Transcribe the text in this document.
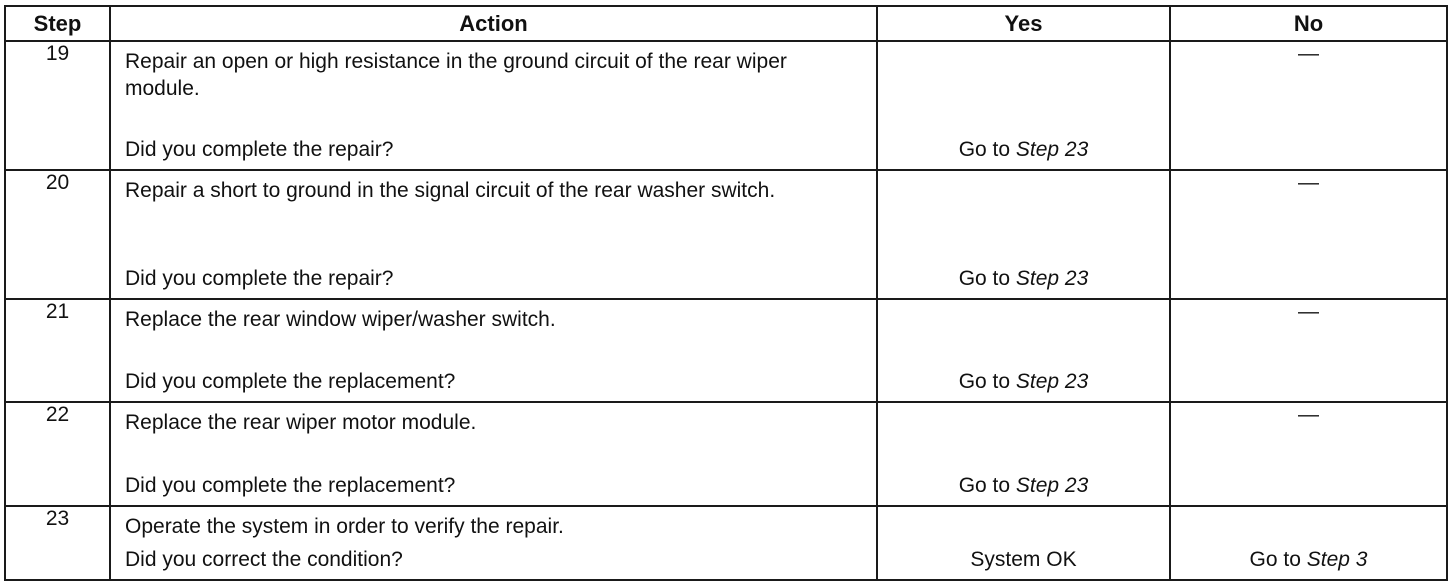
Step	Action	Yes	No
19	Repair an open or high resistance in the ground circuit of the rear wiper module.
Did you complete the repair?	Go to Step 23	—
20	Repair a short to ground in the signal circuit of the rear washer switch.
Did you complete the repair?	Go to Step 23	—
21	Replace the rear window wiper/washer switch.
Did you complete the replacement?	Go to Step 23	—
22	Replace the rear wiper motor module.
Did you complete the replacement?	Go to Step 23	—
23	Operate the system in order to verify the repair.
Did you correct the condition?	System OK	Go to Step 3
